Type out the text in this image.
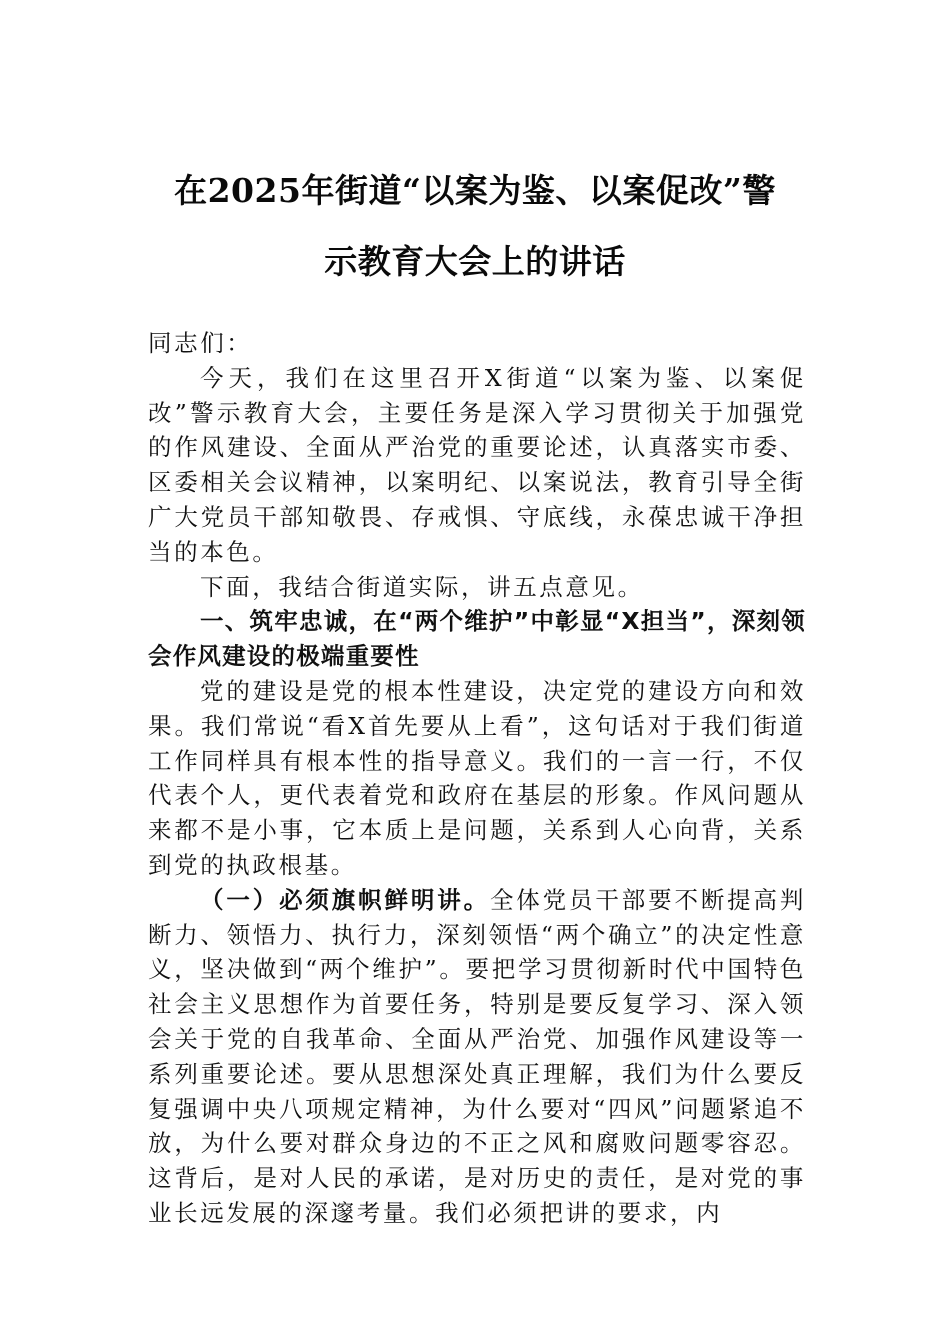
在2025年街道“以案为鉴、以案促改”警
示教育大会上的讲话

同志们：

今天，我们在这里召开X街道“以案为鉴、以案促改”警示教育大会，主要任务是深入学习贯彻关于加强党的作风建设、全面从严治党的重要论述，认真落实市委、区委相关会议精神，以案明纪、以案说法，教育引导全街广大党员干部知敬畏、存戒惧、守底线，永葆忠诚干净担当的本色。

下面，我结合街道实际，讲五点意见。

一、筑牢忠诚，在“两个维护”中彰显“X担当”，深刻领会作风建设的极端重要性

党的建设是党的根本性建设，决定党的建设方向和效果。我们常说“看X首先要从上看”，这句话对于我们街道工作同样具有根本性的指导意义。我们的一言一行，不仅代表个人，更代表着党和政府在基层的形象。作风问题从来都不是小事，它本质上是问题，关系到人心向背，关系到党的执政根基。

（一）必须旗帜鲜明讲。全体党员干部要不断提高判断力、领悟力、执行力，深刻领悟“两个确立”的决定性意义，坚决做到“两个维护”。要把学习贯彻新时代中国特色社会主义思想作为首要任务，特别是要反复学习、深入领会关于党的自我革命、全面从严治党、加强作风建设等一系列重要论述。要从思想深处真正理解，我们为什么要反复强调中央八项规定精神，为什么要对“四风”问题紧追不放，为什么要对群众身边的不正之风和腐败问题零容忍。这背后，是对人民的承诺，是对历史的责任，是对党的事业长远发展的深邃考量。我们必须把讲的要求，内
